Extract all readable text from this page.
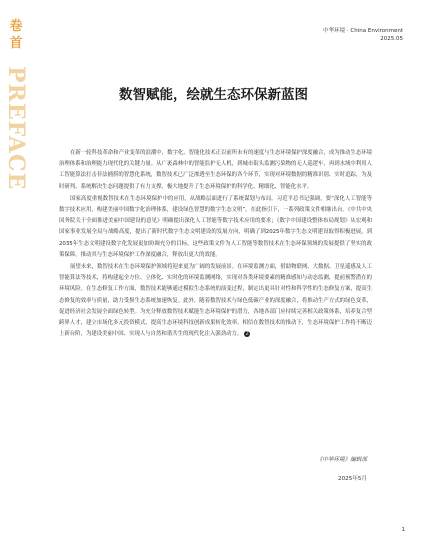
卷首
PREFACE
中华环境 · China Environment
2025.05
数智赋能，绘就生态环保新蓝图

在新一轮科技革命和产业变革的浪潮中，数字化、智能化技术正以前所未有的速度与生态环境保护深度融合，成为推动生态环境治理体系和治理能力现代化的关键力量。从广袤森林中的智能监护无人机，到城市街头监测污染物的无人巡逻车，再到水域中利用人工智能算法打击非法捕捞的智慧化系统，数智技术已广泛渗透至生态环保的各个环节，实现对环境数据的精准识别、实时追踪，为及时研判、系统解决生态问题提供了有力支撑，极大地提升了生态环境保护的科学化、精细化、智能化水平。

国家高度重视数智技术在生态环境保护中的应用，从战略层面进行了系统谋划与布局。习近平总书记强调，要“深化人工智能等数字技术应用，构建美丽中国数字化治理体系，建设绿色智慧的数字生态文明”。在此指引下，一系列政策文件相继出台。《中共中央 国务院关于全面推进美丽中国建设的意见》明确提出深化人工智能等数字技术应用的要求；《数字中国建设整体布局规划》从宏观和国家事业发展全局与战略高度，提出了新时代数字生态文明建设的发展方向，明确了到2025年数字生态文明建设取得积极进展，到2035年生态文明建设数字化发展更加协调充分的目标。这些政策文件为人工智能等数智技术在生态环保领域的发展提供了坚实的政策保障，推动其与生态环境保护工作深度融合，释放出更大的效能。

展望未来，数智技术在生态环境保护领域将迎来更为广阔的发展前景。在环境监测方面，借助物联网、大数据、卫星遥感及人工智能算法等技术，将构建起全方位、立体化、实时化的环境监测网络，实现对各类环境要素的精准感知与动态监测，提前预警潜在的环境风险。在生态修复工作方面，数智技术能够通过模拟生态系统的演变过程，制定出更具针对性和科学性的生态修复方案，提高生态修复的效率与质量，助力受损生态系统加速恢复。此外，随着数智技术与绿色低碳产业的深度融合，将推动生产方式的绿色变革，促进经济社会发展全面绿色转型。为充分释放数智技术赋能生态环境保护的潜力，各地各部门应持续完善相关政策体系，培养复合型跨界人才，建立市场化多元投资模式，提高生态环境科技创新成果转化效率。相信在数智技术的推动下，生态环境保护工作将不断迈上新台阶，为建设美丽中国、实现人与自然和谐共生的现代化注入强劲动力。 Z

《中华环境》编辑部
2025年5月
1
